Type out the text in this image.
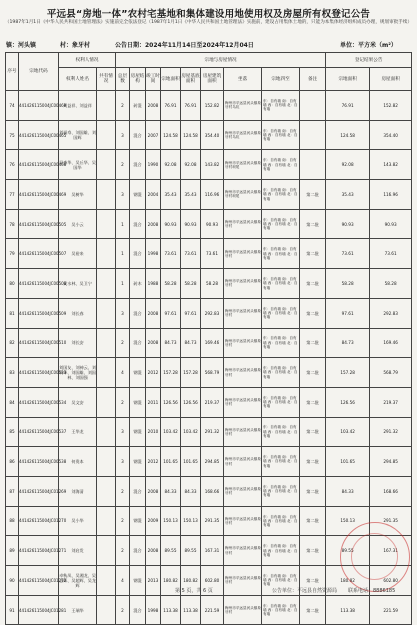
平远县“房地一体”农村宅基地和集体建设用地使用权及房屋所有权登记公告
（1987年1月1日《中华人民共和国土地管理法》实施前完全依法登记（1987年1月1日《中华人民共和国土地管理法》实施前，建设占用集体土地的，只能为本集体经济组织成员办理，规划审批手续）
镇：河头镇	村：象牙村	公告日期：2024年11月14日至2024年12月04日	单位：平方米（m²）
序号	宗地代码	权利人情况		宗地与房屋情况									登记结果公告	
		权利人姓名	共有情况	总层数	房屋结构	竣工时间	宗地面积	房屋基底面积	房屋建筑面积	坐落	宗地四至	备注	宗地面积	房屋面积
74	441426115004JC00469	刘益祥、刘益祥		2	砖混	2008	76.91	76.91	152.82	梅州市平远县河头镇象牙村乌坑	东：自有墙 南：自有墙 西：自有墙 北：自有墙		76.91	152.82
75	441426115004JC00465	刘福寿、刘国雄、刘国辉		3	混合	2007	124.58	124.58	354.40	梅州市平远县河头镇象牙村乌坑	东：自有墙 南：自有墙 西：自有墙 北：自有墙		124.58	354.40
76	441426115004JC00468	吴森华、吴丘华、吴国华		2	混合	1990	92.08	92.08	143.82	梅州市平远县河头镇象牙村坝尾	东：自有墙 南：自有墙 西：自有墙 北：自有墙		92.08	143.82
77	441426115004JC00469	吴树华		3	钢混	2004	35.43	35.43	116.96	梅州市平远县河头镇象牙村坝尾	东：自有墙 南：自有墙 西：自有墙 北：自有墙	第二批	35.43	116.96
78	441426115004JC00505	吴小云		1	混合	2008	90.93	90.93	90.93	梅州市平远县河头镇象牙村	东：自有墙 南：自有墙 西：自有墙 北：自有墙	第二批	90.93	90.93
79	441426115004JC00507	吴裕来		1	混合	1998	73.61	73.61	73.61	梅州市平远县河头镇象牙村	东：自有墙 南：自有墙 西：自有墙 北：自有墙	第二批	73.61	73.61
80	441426115004JC00508	吴水林、吴卫宁		1	砖木	1988	58.28	58.28	58.28	梅州市平远县河头镇象牙村	东：自有墙 南：自有墙 西：自有墙 北：自有墙	第二批	58.28	58.28
81	441426115004JC00509	刘长春		3	混合	2008	97.61	97.61	292.83	梅州市平远县河头镇象牙村	东：自有墙 南：自有墙 西：自有墙 北：自有墙	第二批	97.61	292.83
82	441426115004JC00510	刘长安		2	混合	2008	84.73	84.73	169.46	梅州市平远县河头镇象牙村	东：自有墙 南：自有墙 西：自有墙 北：自有墙	第二批	84.73	169.46
83	441426115004JC00533	刘国友、刘神云、刘明华、刘国雄、刘国林、刘国强		4	钢混	2012	157.28	157.28	568.79	梅州市平远县河头镇象牙村	东：自有墙 南：自有墙 西：自有墙 北：自有墙	第二批	157.28	568.79
84	441426115004JC00534	吴文安		2	钢混	2011	126.56	126.56	219.37	梅州市平远县河头镇象牙村	东：自有墙 南：自有墙 西：自有墙 北：自有墙	第二批	126.56	219.37
85	441426115004JC00537	王华龙		3	钢混	2010	103.42	103.42	291.32	梅州市平远县河头镇象牙村	东：自有墙 南：自有墙 西：自有墙 北：自有墙	第二批	103.42	291.32
86	441426115004JC00538	何贵本		3	钢混	2012	101.65	101.65	294.85	梅州市平远县河头镇象牙村	东：自有墙 南：自有墙 西：自有墙 北：自有墙	第二批	101.65	294.85
87	441426115004JC01269	刘海清		2	混合	2008	84.33	84.33	168.66	梅州市平远县河头镇象牙村	东：自有墙 南：自有墙 西：自有墙 北：自有墙	第二批	84.33	168.66
88	441426115004JC01270	吴小华		2	钢混	2009	150.13	150.13	291.35	梅州市平远县河头镇象牙村	东：自有墙 南：自有墙 西：自有墙 北：自有墙	第二批	150.13	291.35
89	441426115004JC01271	刘启发		2	混合	2008	89.55	89.55	167.31	梅州市平远县河头镇象牙村	东：自有墙 南：自有墙 西：自有墙 北：自有墙	第二批	89.55	167.31
90	441426115004JC01272	卓秋凤、吴湘龙、吴志辉、吴超辉、吴龙辉		4	钢混	2013	180.82	180.82	602.80	梅州市平远县河头镇象牙村	东：自有墙 南：自有墙 西：自有墙 北：自有墙	第二批	180.82	602.80
91	441426115004JC01281	王瑞华		2	混合	1998	113.38	113.38	221.59	梅州市平远县河头镇象牙村	东：自有墙 南：自有墙 西：自有墙 北：自有墙	第二批	113.38	221.59
第 5 页，共 6 页	公告单位：平远县自然资源局 联系电话：8886185
